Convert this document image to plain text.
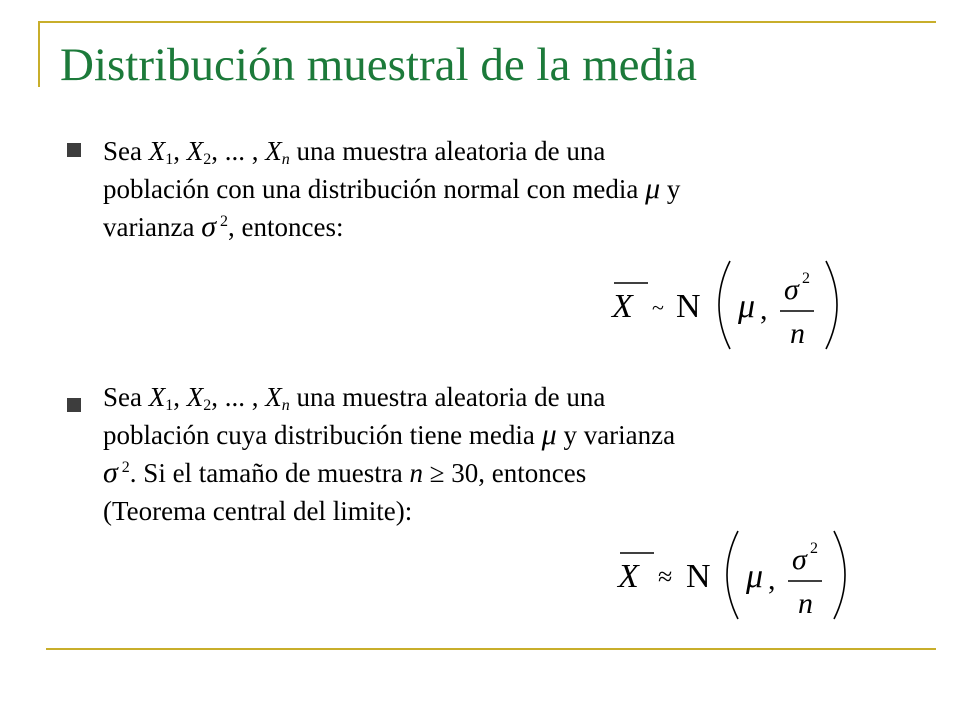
Distribución muestral de la media
Sea $X_1$, $X_2$, ... , $X_n$ una muestra aleatoria de una
población con una distribución normal con media μ y
varianza σ $^2$, entonces:
X ~ N μ ,
σ 2
n
Sea $X_1$, $X_2$, ... , $X_n$ una muestra aleatoria de una
población cuya distribución tiene media μ y varianza
σ $^2$. Si el tamaño de muestra n ≥ 30, entonces
(Teorema central del limite):
X ≈ N μ ,
σ 2
n
